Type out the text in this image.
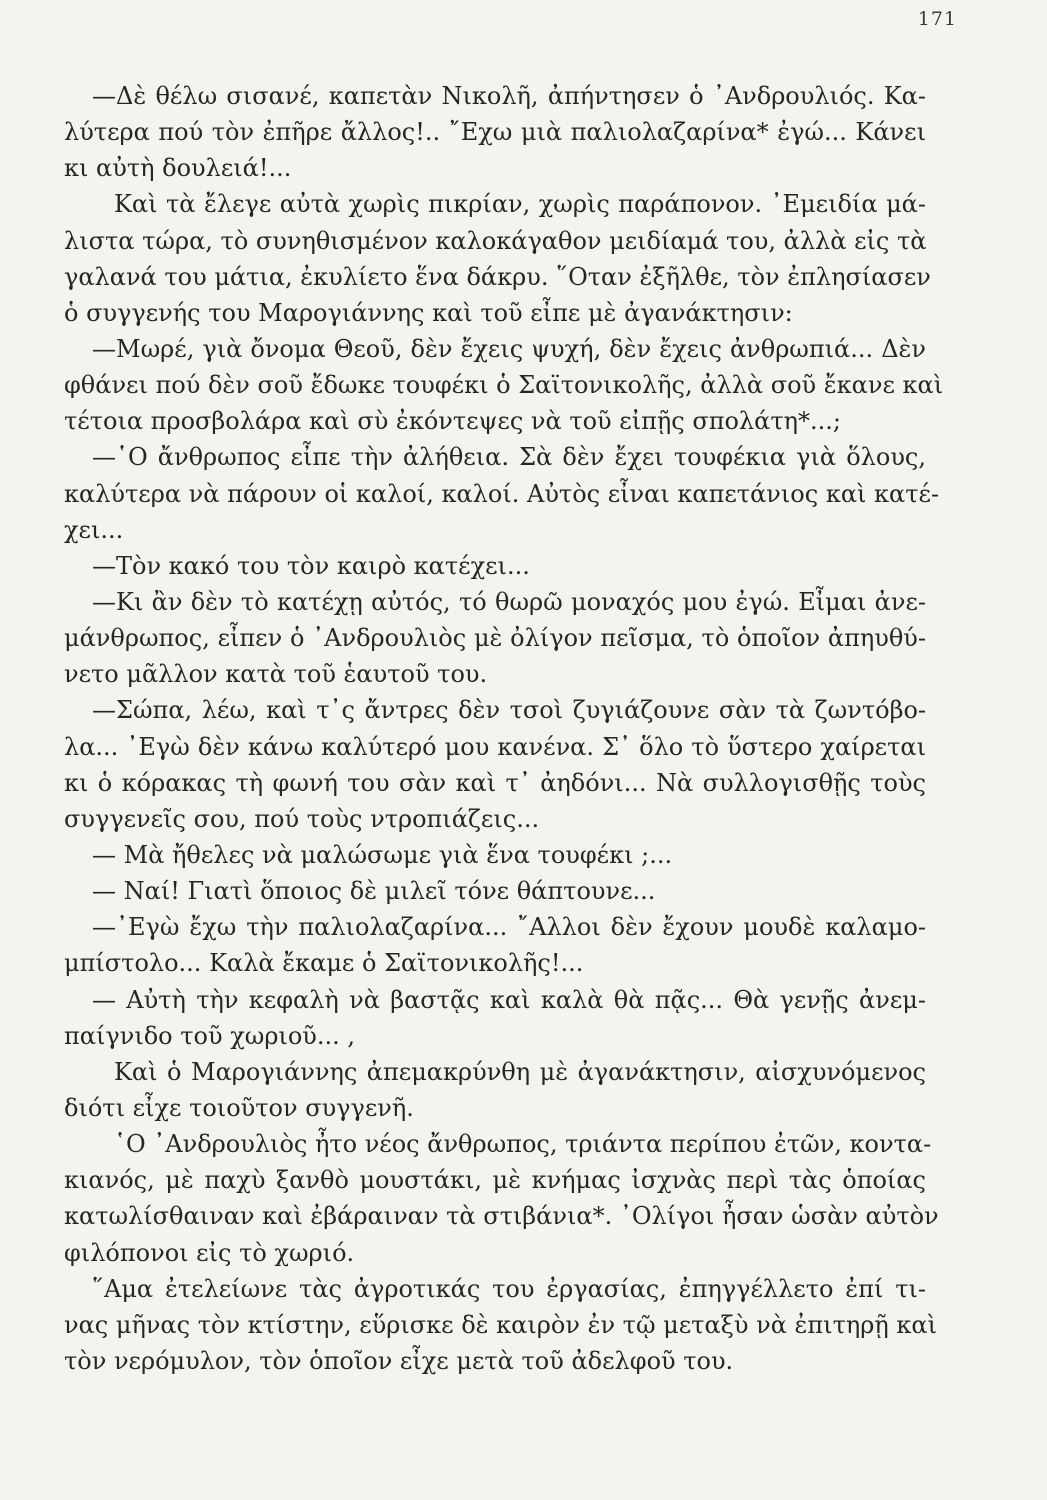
171
—Δὲ θέλω σισανέ, καπετὰν Νικολῆ, ἀπήντησεν ὁ ᾿Ανδρουλιός. Κα-
λύτερα πού τὸν ἐπῆρε ἄλλος!.. ῎Εχω μιὰ παλιολαζαρίνα* ἐγώ... Κάνει
κι αὐτὴ δουλειά!...
Καὶ τὰ ἔλεγε αὐτὰ χωρὶς πικρίαν, χωρὶς παράπονον. ᾿Εμειδία μά-
λιστα τώρα, τὸ συνηθισμένον καλοκάγαθον μειδίαμά του, ἀλλὰ εἰς τὰ
γαλανά του μάτια, ἐκυλίετο ἕνα δάκρυ. ῞Οταν ἐξῆλθε, τὸν ἐπλησίασεν
ὁ συγγενής του Μαρογιάννης καὶ τοῦ εἶπε μὲ ἀγανάκτησιν:
—Μωρέ, γιὰ ὄνομα Θεοῦ, δὲν ἔχεις ψυχή, δὲν ἔχεις ἀνθρωπιά... Δὲν
φθάνει πού δὲν σοῦ ἔδωκε τουφέκι ὁ Σαϊτονικολῆς, ἀλλὰ σοῦ ἔκανε καὶ
τέτοια προσβολάρα καὶ σὺ ἐκόντεψες νὰ τοῦ εἰπῇς σπολάτη*...;
—῾Ο ἄνθρωπος εἶπε τὴν ἀλήθεια. Σὰ δὲν ἔχει τουφέκια γιὰ ὅλους,
καλύτερα νὰ πάρουν οἱ καλοί, καλοί. Αὐτὸς εἶναι καπετάνιος καὶ κατέ-
χει...
—Τὸν κακό του τὸν καιρὸ κατέχει...
—Κι ἂν δὲν τὸ κατέχῃ αὐτός, τό θωρῶ μοναχός μου ἐγώ. Εἶμαι ἀνε-
μάνθρωπος, εἶπεν ὁ ᾿Ανδρουλιὸς μὲ ὀλίγον πεῖσμα, τὸ ὁποῖον ἀπηυθύ-
νετο μᾶλλον κατὰ τοῦ ἑαυτοῦ του.
—Σώπα, λέω, καὶ τ᾿ς ἄντρες δὲν τσοὶ ζυγιάζουνε σὰν τὰ ζωντόβο-
λα... ᾿Εγὼ δὲν κάνω καλύτερό μου κανένα. Σ᾿ ὅλο τὸ ὕστερο χαίρεται
κι ὁ κόρακας τὴ φωνή του σὰν καὶ τ᾿ ἀηδόνι... Νὰ συλλογισθῇς τοὺς
συγγενεῖς σου, πού τοὺς ντροπιάζεις...
— Μὰ ἤθελες νὰ μαλώσωμε γιὰ ἕνα τουφέκι ;...
— Ναί! Γιατὶ ὅποιος δὲ μιλεῖ τόνε θάπτουνε...
—᾿Εγὼ ἔχω τὴν παλιολαζαρίνα... ῎Αλλοι δὲν ἔχουν μουδὲ καλαμο-
μπίστολο... Καλὰ ἔκαμε ὁ Σαϊτονικολῆς!...
— Αὐτὴ τὴν κεφαλὴ νὰ βαστᾷς καὶ καλὰ θὰ πᾷς... Θὰ γενῇς ἀνεμ-
παίγνιδο τοῦ χωριοῦ... ,
Καὶ ὁ Μαρογιάννης ἀπεμακρύνθη μὲ ἀγανάκτησιν, αἰσχυνόμενος
διότι εἶχε τοιοῦτον συγγενῆ.
῾Ο ᾿Ανδρουλιὸς ἦτο νέος ἄνθρωπος, τριάντα περίπου ἐτῶν, κοντα-
κιανός, μὲ παχὺ ξανθὸ μουστάκι, μὲ κνήμας ἰσχνὰς περὶ τὰς ὁποίας
κατωλίσθαιναν καὶ ἐβάραιναν τὰ στιβάνια*. ᾿Ολίγοι ἦσαν ὡσὰν αὐτὸν
φιλόπονοι εἰς τὸ χωριό.
῞Αμα ἐτελείωνε τὰς ἀγροτικάς του ἐργασίας, ἐπηγγέλλετο ἐπί τι-
νας μῆνας τὸν κτίστην, εὕρισκε δὲ καιρὸν ἐν τῷ μεταξὺ νὰ ἐπιτηρῇ καὶ
τὸν νερόμυλον, τὸν ὁποῖον εἶχε μετὰ τοῦ ἀδελφοῦ του.
